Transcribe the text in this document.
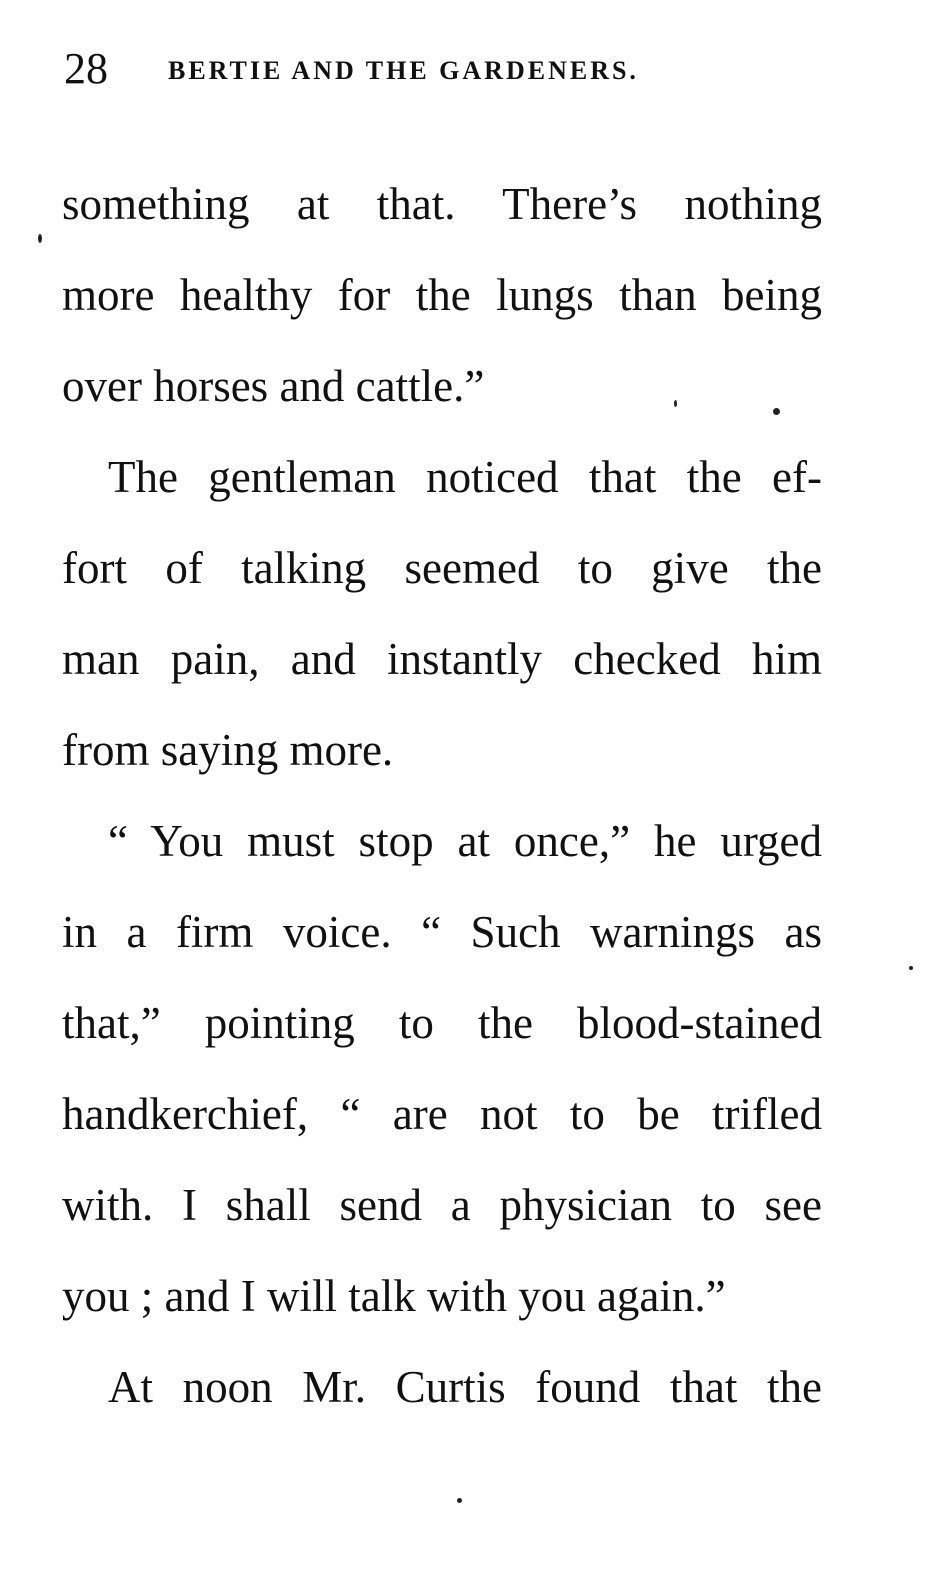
28 BERTIE AND THE GARDENERS.
something at that. There’s nothing
more healthy for the lungs than being
over horses and cattle.”
The gentleman noticed that the ef-
fort of talking seemed to give the
man pain, and instantly checked him
from saying more.
“ You must stop at once,” he urged
in a firm voice. “ Such warnings as
that,” pointing to the blood-stained
handkerchief, “ are not to be trifled
with. I shall send a physician to see
you ; and I will talk with you again.”
At noon Mr. Curtis found that the
